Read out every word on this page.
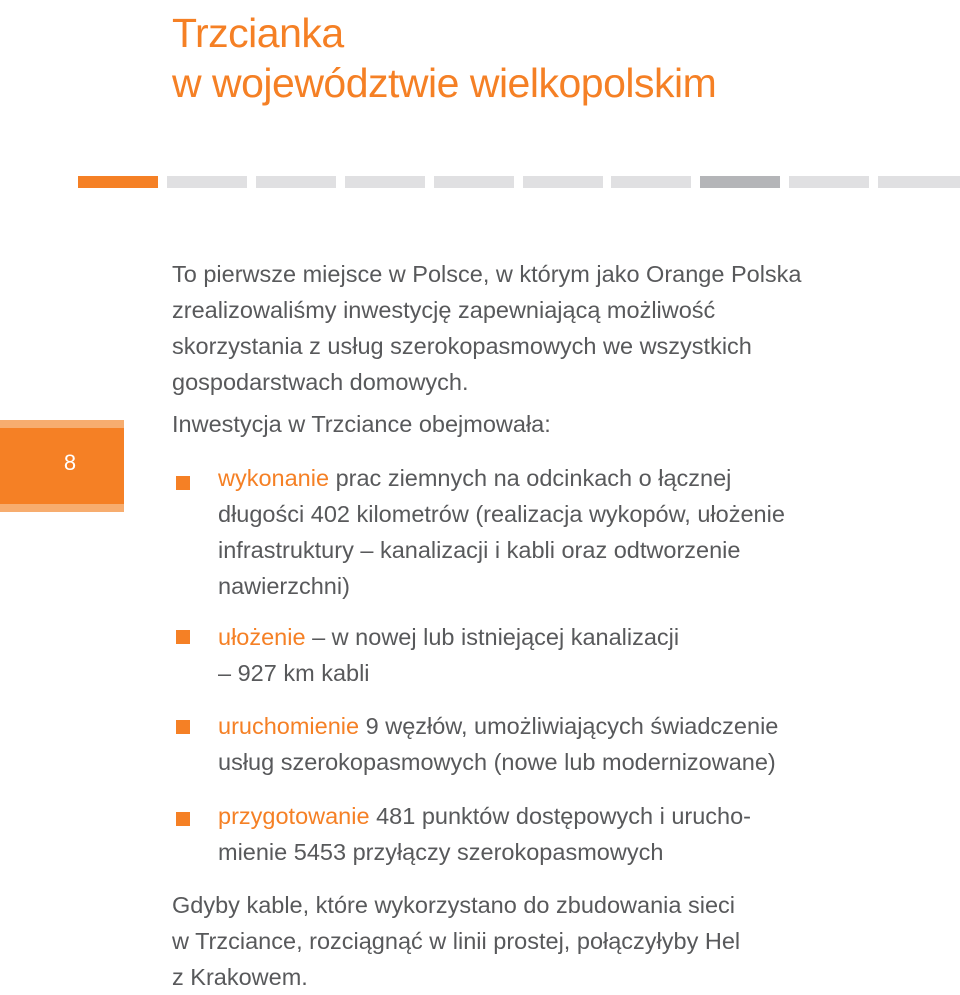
Trzcianka
w województwie wielkopolskim
8
To pierwsze miejsce w Polsce, w którym jako Orange Polska
zrealizowaliśmy inwestycję zapewniającą możliwość
skorzystania z usług szerokopasmowych we wszystkich
gospodarstwach domowych.
Inwestycja w Trzciance obejmowała:
wykonanie prac ziemnych na odcinkach o łącznej
długości 402 kilometrów (realizacja wykopów, ułożenie
infrastruktury – kanalizacji i kabli oraz odtworzenie
nawierzchni)
ułożenie – w nowej lub istniejącej kanalizacji
– 927 km kabli
uruchomienie 9 węzłów, umożliwiających świadczenie
usług szerokopasmowych (nowe lub modernizowane)
przygotowanie 481 punktów dostępowych i urucho-
mienie 5453 przyłączy szerokopasmowych
Gdyby kable, które wykorzystano do zbudowania sieci
w Trzciance, rozciągnąć w linii prostej, połączyłyby Hel
z Krakowem.
